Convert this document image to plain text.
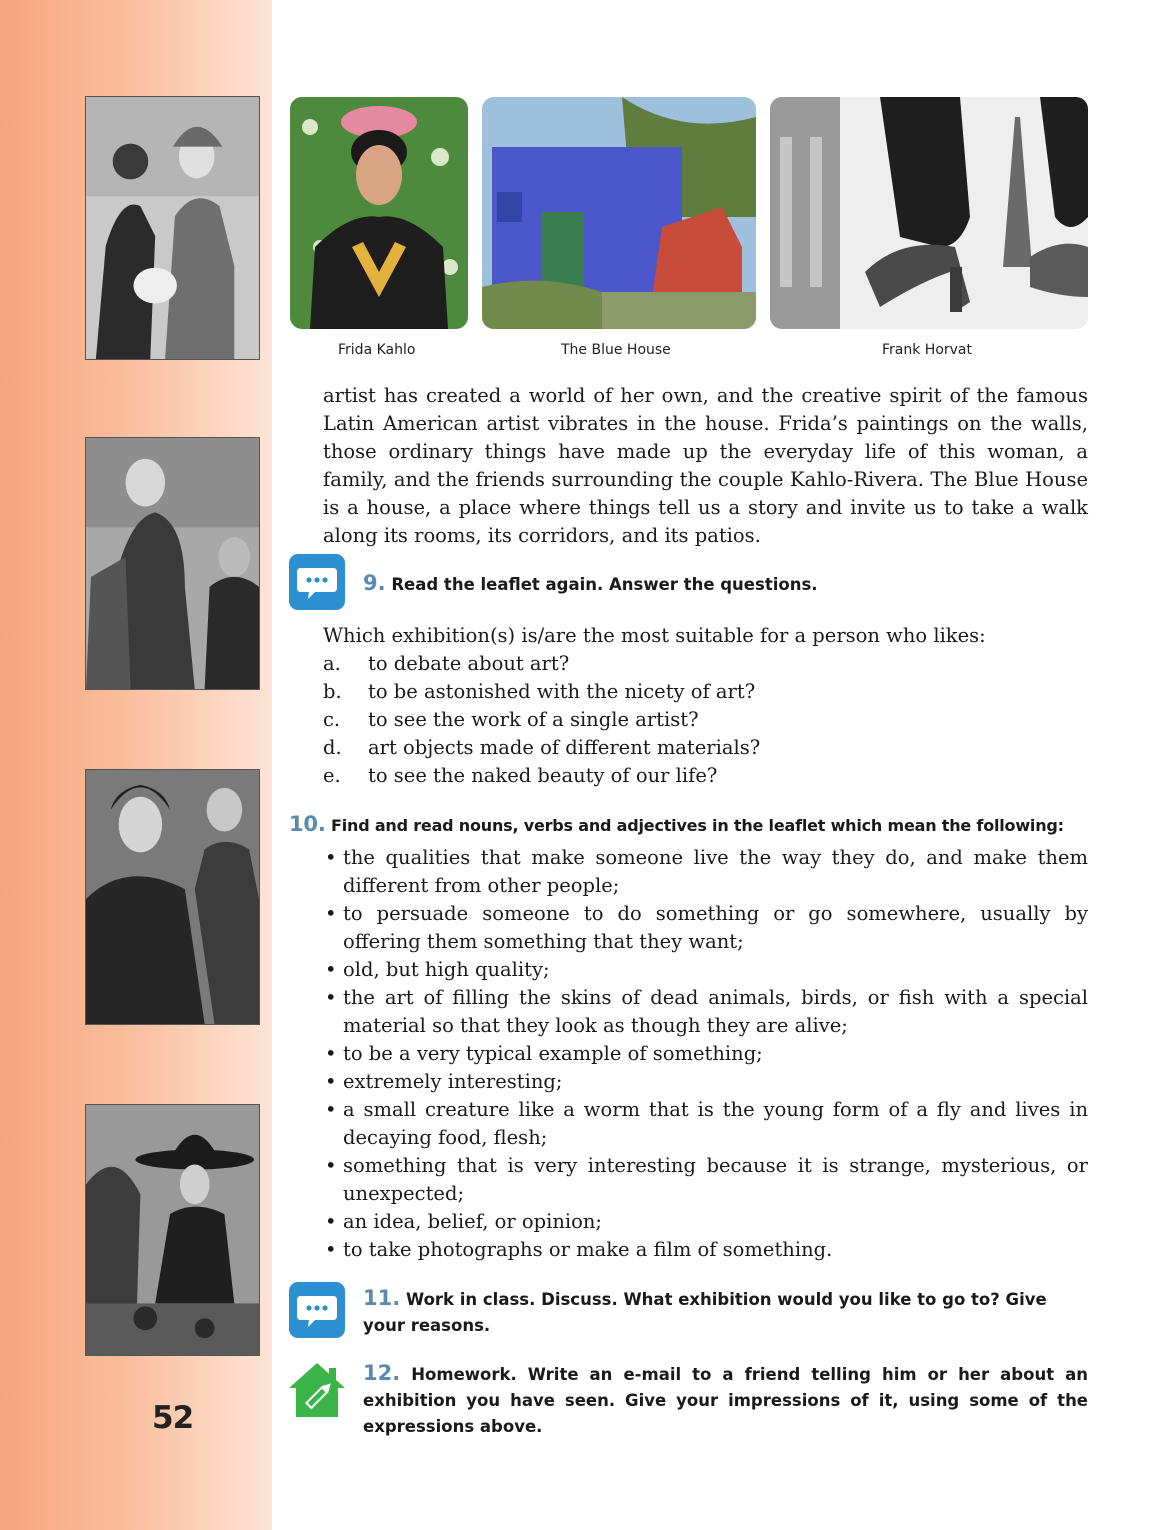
52
Frida Kahlo	The Blue House	Frank Horvat

artist has created a world of her own, and the creative spirit of the famous Latin American artist vibrates in the house. Frida’s paintings on the walls, those ordinary things have made up the everyday life of this woman, a family, and the friends surrounding the couple Kahlo-Rivera. The Blue House is a house, a place where things tell us a story and invite us to take a walk along its rooms, its corridors, and its patios.

9. Read the leaflet again. Answer the questions.

Which exhibition(s) is/are the most suitable for a person who likes:

a. to debate about art?
b. to be astonished with the nicety of art?
c. to see the work of a single artist?
d. art objects made of different materials?
e. to see the naked beauty of our life?
10. Find and read nouns, verbs and adjectives in the leaflet which mean the following:
• the qualities that make someone live the way they do, and make them different from other people;
• to persuade someone to do something or go somewhere, usually by offering them something that they want;
• old, but high quality;
• the art of filling the skins of dead animals, birds, or fish with a special material so that they look as though they are alive;
• to be a very typical example of something;
• extremely interesting;
• a small creature like a worm that is the young form of a fly and lives in decaying food, flesh;
• something that is very interesting because it is strange, mysterious, or unexpected;
• an idea, belief, or opinion;
• to take photographs or make a film of something.
11. Work in class. Discuss. What exhibition would you like to go to? Give your reasons.
12. Homework. Write an e-mail to a friend telling him or her about an exhibition you have seen. Give your impressions of it, using some of the expressions above.
